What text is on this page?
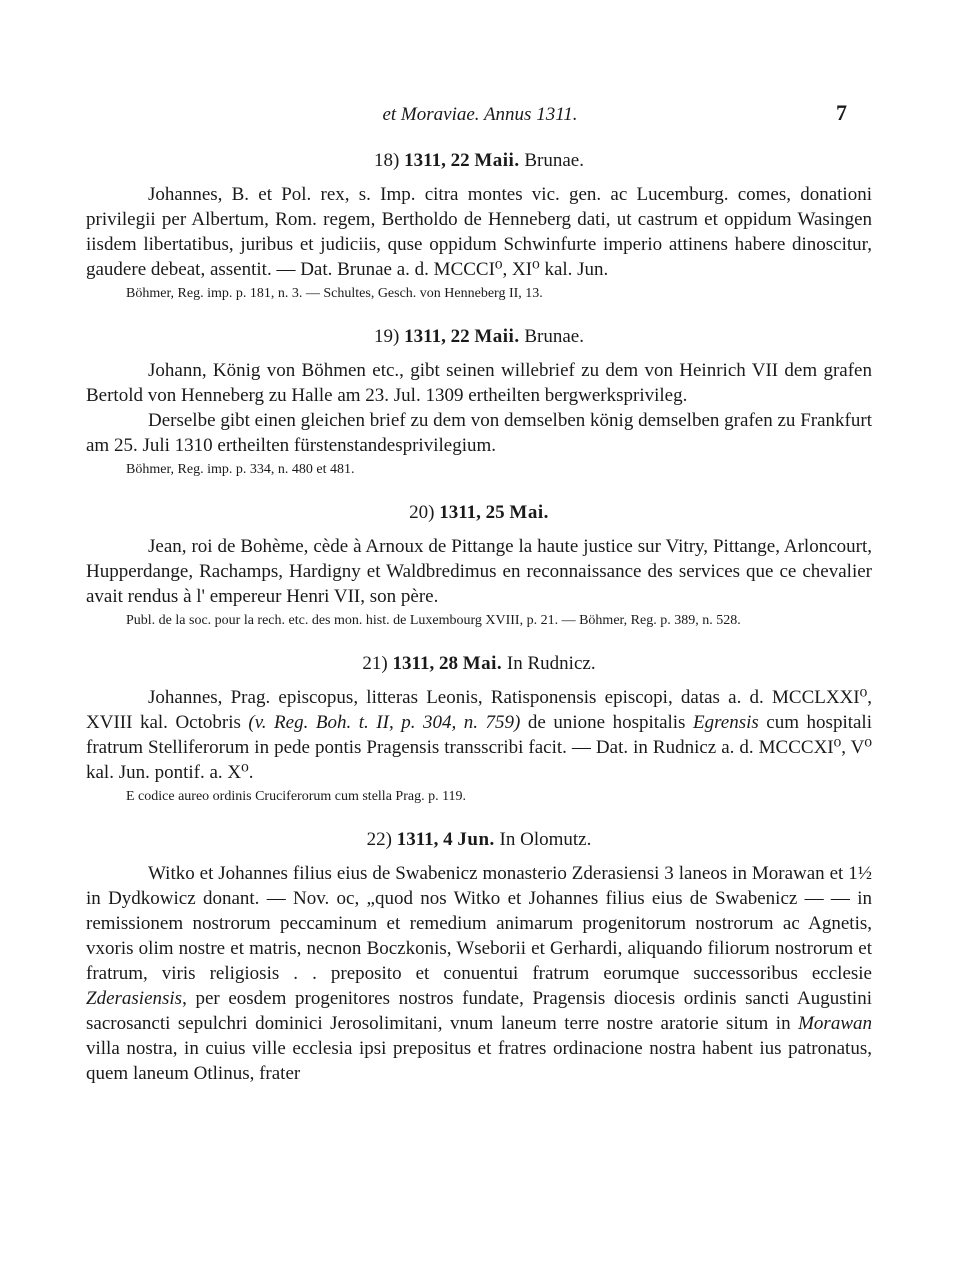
et Moraviae. Annus 1311.	7
18) 1311, 22 Maii. Brunae.

Johannes, B. et Pol. rex, s. Imp. citra montes vic. gen. ac Lucemburg. comes, donationi privilegii per Albertum, Rom. regem, Bertholdo de Henneberg dati, ut castrum et oppidum Wasingen iisdem libertatibus, juribus et judiciis, quse oppidum Schwinfurte imperio attinens habere dinoscitur, gaudere debeat, assentit. — Dat. Brunae a. d. MCCCI⁰, XI⁰ kal. Jun.

Böhmer, Reg. imp. p. 181, n. 3. — Schultes, Gesch. von Henneberg II, 13.

19) 1311, 22 Maii. Brunae.

Johann, König von Böhmen etc., gibt seinen willebrief zu dem von Heinrich VII dem grafen Bertold von Henneberg zu Halle am 23. Jul. 1309 ertheilten bergwerksprivileg.

Derselbe gibt einen gleichen brief zu dem von demselben könig demselben grafen zu Frankfurt am 25. Juli 1310 ertheilten fürstenstandesprivilegium.

Böhmer, Reg. imp. p. 334, n. 480 et 481.

20) 1311, 25 Mai.

Jean, roi de Bohème, cède à Arnoux de Pittange la haute justice sur Vitry, Pittange, Arloncourt, Hupperdange, Rachamps, Hardigny et Waldbredimus en reconnaissance des services que ce chevalier avait rendus à l' empereur Henri VII, son père.

Publ. de la soc. pour la rech. etc. des mon. hist. de Luxembourg XVIII, p. 21. — Böhmer, Reg. p. 389, n. 528.

21) 1311, 28 Mai. In Rudnicz.

Johannes, Prag. episcopus, litteras Leonis, Ratisponensis episcopi, datas a. d. MCCLXXI⁰, XVIII kal. Octobris (v. Reg. Boh. t. II, p. 304, n. 759) de unione hospitalis Egrensis cum hospitali fratrum Stelliferorum in pede pontis Pragensis transscribi facit. — Dat. in Rudnicz a. d. MCCCXI⁰, V⁰ kal. Jun. pontif. a. X⁰.

E codice aureo ordinis Cruciferorum cum stella Prag. p. 119.

22) 1311, 4 Jun. In Olomutz.

Witko et Johannes filius eius de Swabenicz monasterio Zderasiensi 3 laneos in Morawan et 1½ in Dydkowicz donant. — Nov. oc, „quod nos Witko et Johannes filius eius de Swabenicz — — in remissionem nostrorum peccaminum et remedium animarum progenitorum nostrorum ac Agnetis, vxoris olim nostre et matris, necnon Boczkonis, Wseborii et Gerhardi, aliquando filiorum nostrorum et fratrum, viris religiosis . . preposito et conuentui fratrum eorumque successoribus ecclesie Zderasiensis, per eosdem progenitores nostros fundate, Pragensis diocesis ordinis sancti Augustini sacrosancti sepulchri dominici Jerosolimitani, vnum laneum terre nostre aratorie situm in Morawan villa nostra, in cuius ville ecclesia ipsi prepositus et fratres ordinacione nostra habent ius patronatus, quem laneum Otlinus, frater
